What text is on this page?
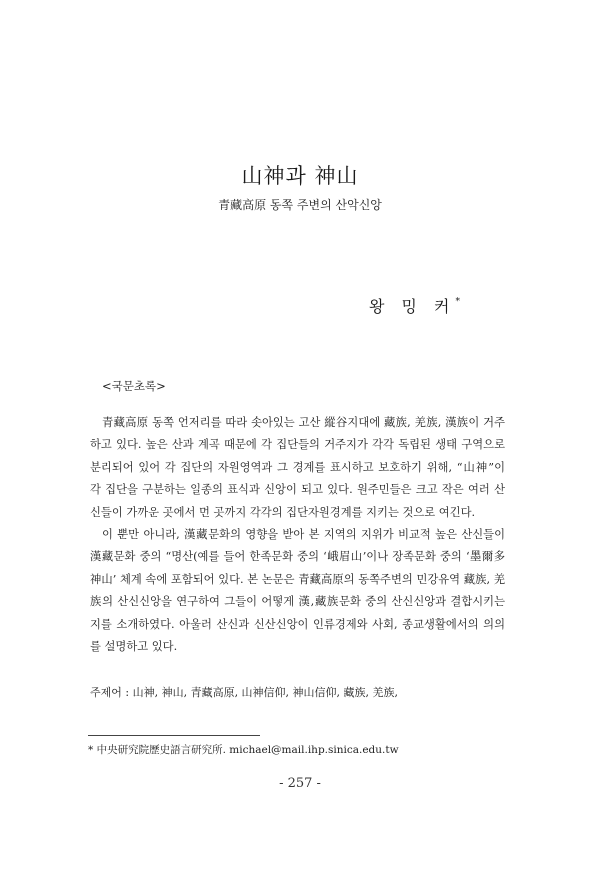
山神과 神山
青藏高原 동쪽 주변의 산악신앙
왕 밍 커*
<국문초록>

青藏高原 동쪽 언저리를 따라 솟아있는 고산 縱谷지대에 藏族, 羌族, 漢族이 거주하고 있다. 높은 산과 계곡 때문에 각 집단들의 거주지가 각각 독립된 생태 구역으로 분리되어 있어 각 집단의 자원영역과 그 경계를 표시하고 보호하기 위해, “山神”이 각 집단을 구분하는 일종의 표식과 신앙이 되고 있다. 원주민들은 크고 작은 여러 산신들이 가까운 곳에서 먼 곳까지 각각의 집단자원경계를 지키는 것으로 여긴다.

이 뿐만 아니라, 漢藏문화의 영향을 받아 본 지역의 지위가 비교적 높은 산신들이 漢藏문화 중의 “명산(예를 들어 한족문화 중의 ‘峨眉山’이나 장족문화 중의 ‘墨爾多神山’ 체계 속에 포함되어 있다. 본 논문은 青藏高原의 동쪽주변의 민강유역 藏族, 羌族의 산신신앙을 연구하여 그들이 어떻게 漢,藏族문화 중의 산신신앙과 결합시키는지를 소개하였다. 아울러 산신과 신산신앙이 인류경제와 사회, 종교생활에서의 의의를 설명하고 있다.

주제어 : 山神, 神山, 青藏高原, 山神信仰, 神山信仰, 藏族, 羌族,
* 中央研究院歷史語言研究所. michael@mail.ihp.sinica.edu.tw
- 257 -
